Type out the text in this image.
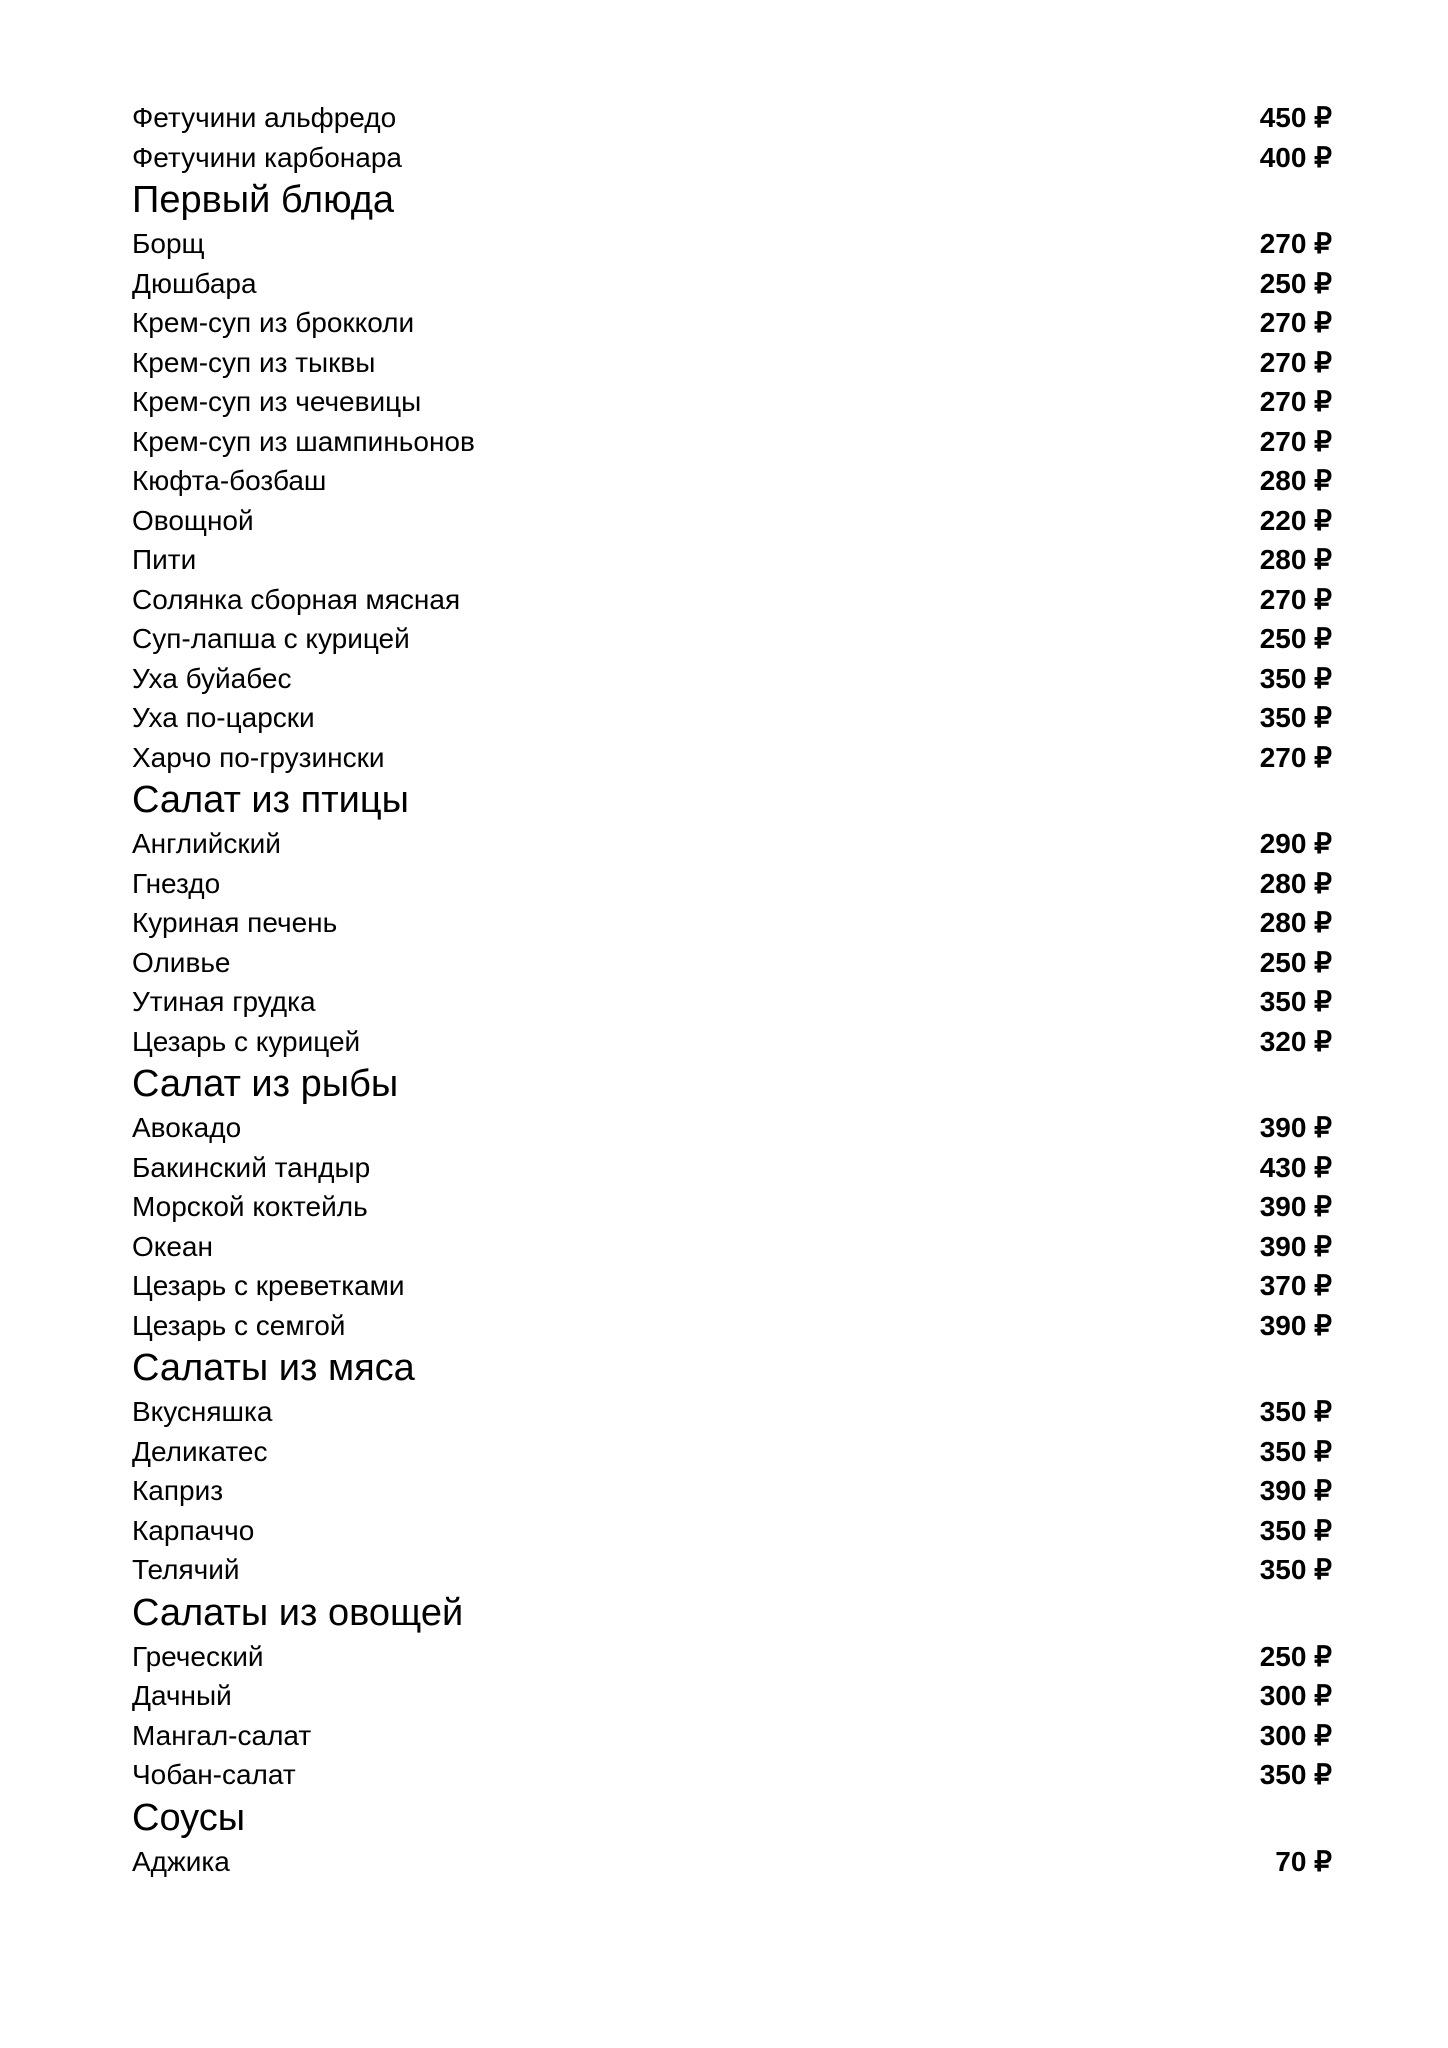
Фетучини альфредо	450 ₽
Фетучини карбонара	400 ₽
Первый блюда
Борщ	270 ₽
Дюшбара	250 ₽
Крем-суп из брокколи	270 ₽
Крем-суп из тыквы	270 ₽
Крем-суп из чечевицы	270 ₽
Крем-суп из шампиньонов	270 ₽
Кюфта-бозбаш	280 ₽
Овощной	220 ₽
Пити	280 ₽
Солянка сборная мясная	270 ₽
Суп-лапша с курицей	250 ₽
Уха буйабес	350 ₽
Уха по-царски	350 ₽
Харчо по-грузински	270 ₽
Салат из птицы
Английский	290 ₽
Гнездо	280 ₽
Куриная печень	280 ₽
Оливье	250 ₽
Утиная грудка	350 ₽
Цезарь с курицей	320 ₽
Салат из рыбы
Авокадо	390 ₽
Бакинский тандыр	430 ₽
Морской коктейль	390 ₽
Океан	390 ₽
Цезарь с креветками	370 ₽
Цезарь с семгой	390 ₽
Салаты из мяса
Вкусняшка	350 ₽
Деликатес	350 ₽
Каприз	390 ₽
Карпаччо	350 ₽
Телячий	350 ₽
Салаты из овощей
Греческий	250 ₽
Дачный	300 ₽
Мангал-салат	300 ₽
Чобан-салат	350 ₽
Соусы
Аджика	70 ₽
